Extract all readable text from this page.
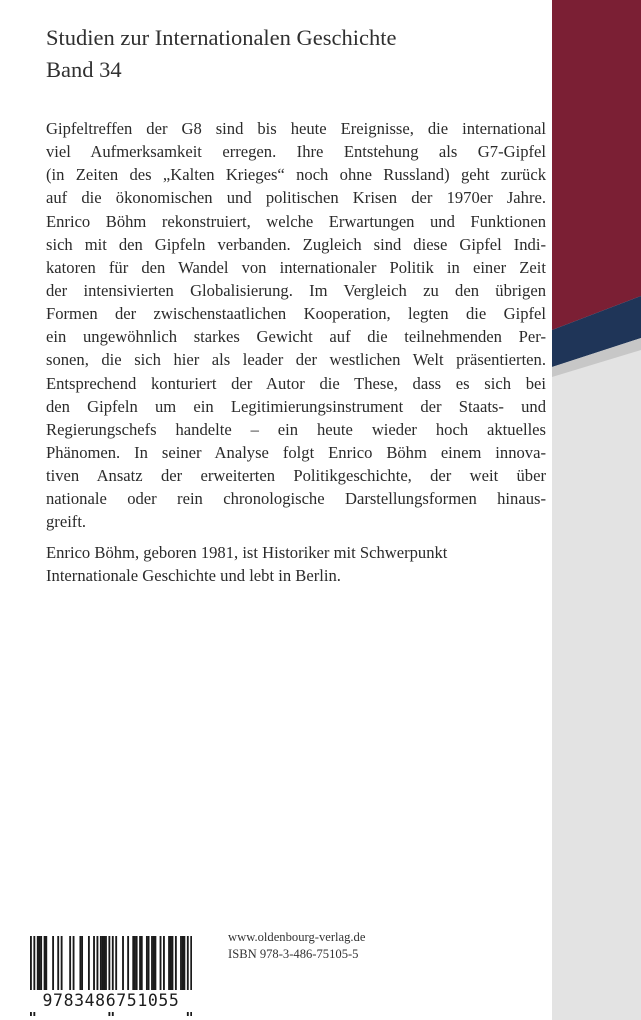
Studien zur Internationalen Geschichte
Band 34
Gipfeltreffen der G8 sind bis heute Ereignisse, die international
viel Aufmerksamkeit erregen. Ihre Entstehung als G7-Gipfel
(in Zeiten des „Kalten Krieges“ noch ohne Russland) geht zurück
auf die ökonomischen und politischen Krisen der 1970er Jahre.
Enrico Böhm rekonstruiert, welche Erwartungen und Funktionen
sich mit den Gipfeln verbanden. Zugleich sind diese Gipfel Indi-
katoren für den Wandel von internationaler Politik in einer Zeit
der intensivierten Globalisierung. Im Vergleich zu den übrigen
Formen der zwischenstaatlichen Kooperation, legten die Gipfel
ein ungewöhnlich starkes Gewicht auf die teilnehmenden Per-
sonen, die sich hier als leader der westlichen Welt präsentierten.
Entsprechend konturiert der Autor die These, dass es sich bei
den Gipfeln um ein Legitimierungsinstrument der Staats- und
Regierungschefs handelte – ein heute wieder hoch aktuelles
Phänomen. In seiner Analyse folgt Enrico Böhm einem innova-
tiven Ansatz der erweiterten Politikgeschichte, der weit über
nationale oder rein chronologische Darstellungsformen hinaus-
greift.
Enrico Böhm, geboren 1981, ist Historiker mit Schwerpunkt
Internationale Geschichte und lebt in Berlin.
9783486751055
www.oldenbourg-verlag.de
ISBN 978-3-486-75105-5
